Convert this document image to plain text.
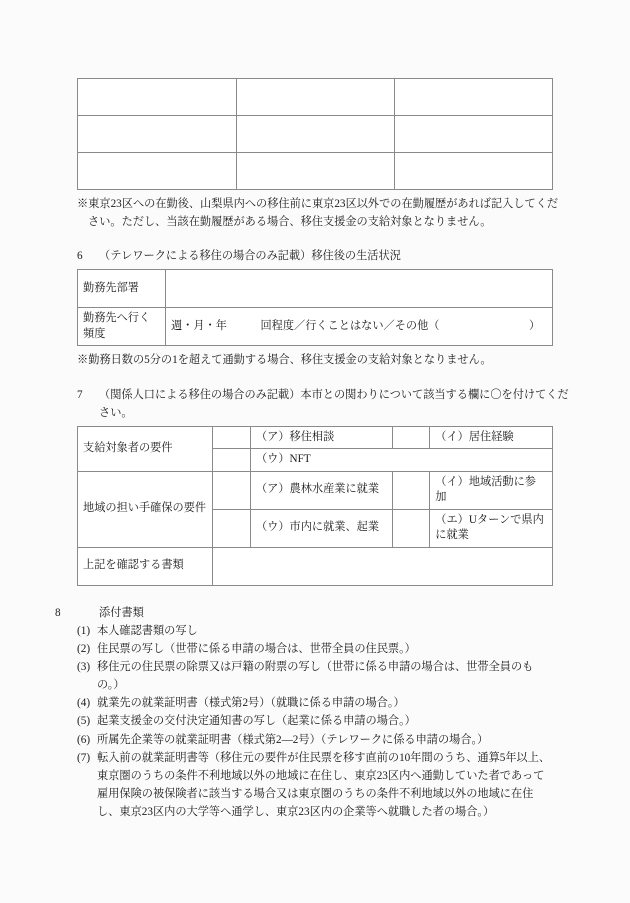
※東京23区への在勤後、山梨県内への移住前に東京23区以外での在勤履歴があれば記入してください。ただし、当該在勤履歴がある場合、移住支援金の支給対象となりません。

6 （テレワークによる移住の場合のみ記載）移住後の生活状況

勤務先部署	
勤務先へ行く頻度	週・月・年　　　回程度／行くことはない／その他（　　　　　　　　）

※勤務日数の5分の1を超えて通勤する場合、移住支援金の支給対象となりません。

7 （関係人口による移住の場合のみ記載）本市との関わりについて該当する欄に〇を付けてください。

支給対象者の要件		（ア）移住相談		（イ）居住経験
		（ウ）NFT		
地域の担い手確保の要件		（ア）農林水産業に就業		（イ）地域活動に参加
		（ウ）市内に就業、起業		（エ）Uターンで県内に就業
上記を確認する書類				

8	添付書類

(1) 本人確認書類の写し
(2) 住民票の写し（世帯に係る申請の場合は、世帯全員の住民票。）
(3) 移住元の住民票の除票又は戸籍の附票の写し（世帯に係る申請の場合は、世帯全員のもの。）
(4) 就業先の就業証明書（様式第2号）（就職に係る申請の場合。）
(5) 起業支援金の交付決定通知書の写し（起業に係る申請の場合。）
(6) 所属先企業等の就業証明書（様式第2―2号）（テレワークに係る申請の場合。）
(7) 転入前の就業証明書等（移住元の要件が住民票を移す直前の10年間のうち、通算5年以上、東京圏のうちの条件不利地域以外の地域に在住し、東京23区内へ通勤していた者であって雇用保険の被保険者に該当する場合又は東京圏のうちの条件不利地域以外の地域に在住し、東京23区内の大学等へ通学し、東京23区内の企業等へ就職した者の場合。）
